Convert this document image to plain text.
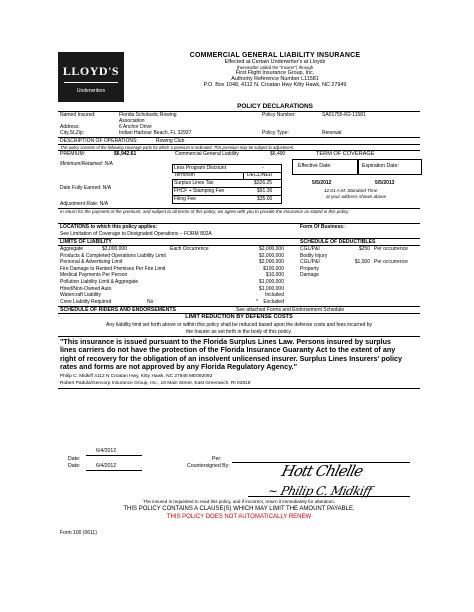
LLOYD'S
Underwriters
COMMERCIAL GENERAL LIABILITY INSURANCE
Effected at Certain Underwriter's at Lloyds
(hereinafter called the "Insurer") through
First Flight Insurance Group, Inc.
Authority Reference Number L11581
P.O. Box 1048, 4112 N. Croatan Hwy Kitty Hawk, NC 27949
POLICY DECLARATIONS
Named Insured:	Florida Scholastic Rowing
Association
Policy Number:	SA01755-R2-11581
Address:	6 Anchor Drive
City,St,Zip:	Indian Harbour Beach, FL 32937	Policy Type:	Renewal
DESCRIPTION OF OPERATIONS:	Rowing Club
This policy consists of the following coverage parts for which a premium is indicated. This premium may be subject to adjustment.
PREMIUM:	$6,942.61	Commercial General Liability	$6,490	TERM OF COVERAGE
Minimum/Retained: N/A
Less Program Discount	-
Terrorism	DECLINED
Surplus Lines Tax	$326.25
FHCF + Stamping Fee	$91.36
Filing Fee	$35.00
Date Fully Earned: N/A
Adjustment Rate: N/A
Effective Date:	Expiration Date:
5/5/2012	5/5/2013
12:01 A.M. Standard Time
at your address shown above
In return for the payment of the premium, and subject to all terms of this policy, we agree with you to provide the insurance as stated in this policy.
LOCATIONS to which this policy applies:	Form Of Business:
See Limitation of Coverage to Designated Operations – FORM 802A
LIMITS OF LIABILITY	SCHEDULE OF DEDUCTIBLES
Aggregate	$3,000,000	Each Occurrence	$2,000,000
Products & Completed Operations Liability Limit	$2,000,000
Personal & Advertising Limit	$2,000,000
Fire Damage to Rented Premises Per Fire Limit	$100,000
Medical Payments Per Person	$10,000
Pollution Liability Limit & Aggregate	$1,000,000
Hired/Non-Owned Auto	$1,000,000
Watercraft Liability	Included
Crew Liability Required	No	Excluded
*
CGL/P&I	$250 Per occurrence
Bodily Injury
CGL/P&I	$1,000 Per occurrence
Property
Damage
SCHEDULE OF RIDERS AND ENDORSEMENTS	See attached Forms and Endorsement Schedule
LIMIT REDUCTION BY DEFENSE COSTS
Any liability limit set forth above or within this policy shall be reduced based upon the defense costs and fees incurred by
the Insurer as set forth in the body of this policy.
"This insurance is issued pursuant to the Florida Surplus Lines Law. Persons insured by surplus
lines carriers do not have the protection of the Florida Insurance Guaranty Act to the extent of any
right of recovery for the obligation of an insolvent unlicensed insurer. Surplus Lines Insurers' policy
rates and forms are not approved by any Florida Regulatory Agency."
Philip C. Midkiff 4112 N Croatan Hwy, Kitty Hawk, NC 27949 ME092092
Robert Padula/Gencorp Insurance Group, Inc., 16 Main Street, East Greenwich, RI 02818
6/4/2012
Date:
6/4/2012
Date:	Hott Chlelle
Per:
~ Philip C. Midkiff
Countersigned By:
The insured is requested to read this policy, and if incorrect, return it immediately for alteration.
THIS POLICY CONTAINS A CLAUSE(S) WHICH MAY LIMIT THE AMOUNT PAYABLE.
THIS POLICY DOES NOT AUTOMATICALLY RENEW
Form 100 (0611)
